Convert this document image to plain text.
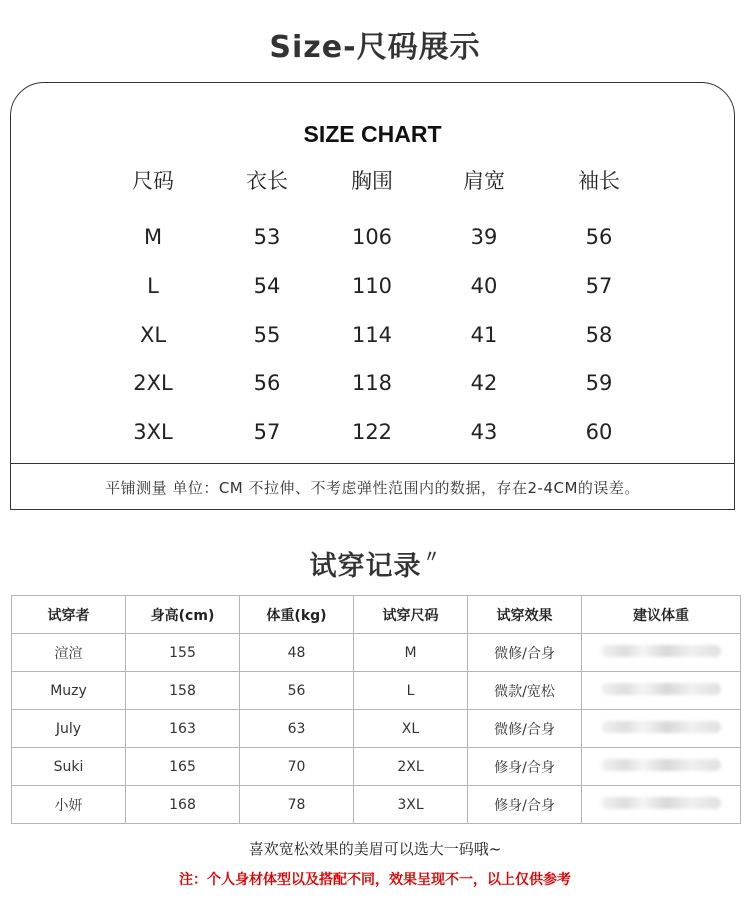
Size-尺码展示
SIZE CHART
尺码	衣长	胸围	肩宽	袖长
M	53	106	39	56
L	54	110	40	57
XL	55	114	41	58
2XL	56	118	42	59
3XL	57	122	43	60
平铺测量 单位：CM 不拉伸、不考虑弹性范围内的数据，存在2-4CM的误差。
试穿记录 〃
试穿者	身高(cm)	体重(kg)	试穿尺码	试穿效果	建议体重
渲渲	155	48	M	微修/合身	
Muzy	158	56	L	微款/宽松	
July	163	63	XL	微修/合身	
Suki	165	70	2XL	修身/合身	
小妍	168	78	3XL	修身/合身	
喜欢宽松效果的美眉可以选大一码哦~
注：个人身材体型以及搭配不同，效果呈现不一，以上仅供参考
